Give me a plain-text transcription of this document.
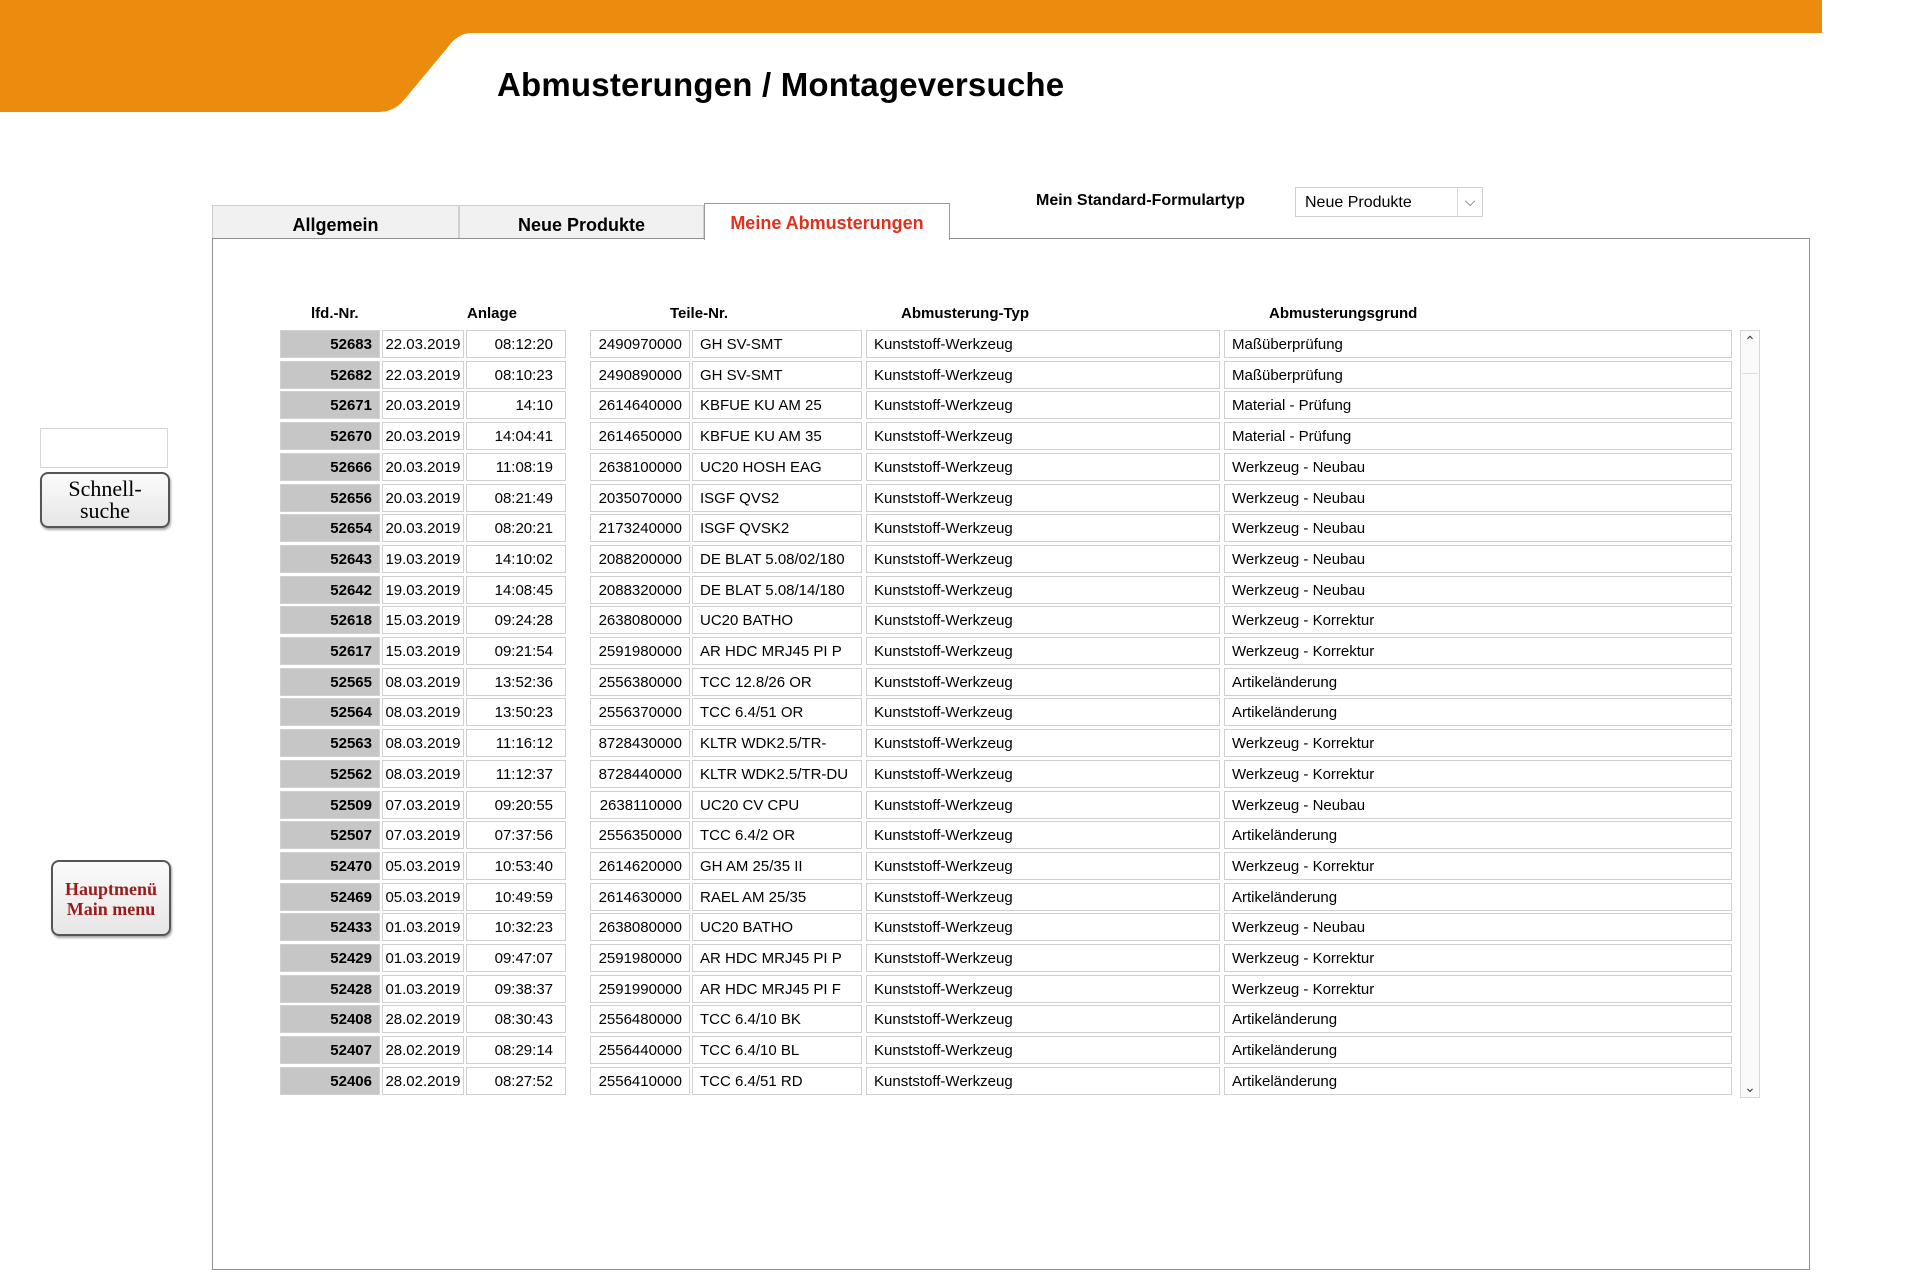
Abmusterungen / Montageversuche
Schnell-
suche
Hauptmenü
Main menu
Mein Standard-Formulartyp	Neue Produkte	⌵
Allgemein	Neue Produkte	Meine Abmusterungen
lfd.-Nr.	Anlage	Teile-Nr.	Abmusterung-Typ	Abmusterungsgrund
52683 22.03.2019	08:12:20	2490970000	GH SV-SMT	Kunststoff-Werkzeug	Maßüberprüfung
52682 22.03.2019	08:10:23	2490890000	GH SV-SMT	Kunststoff-Werkzeug	Maßüberprüfung
52671 20.03.2019	14:10	2614640000	KBFUE KU AM 25	Kunststoff-Werkzeug	Material - Prüfung
52670 20.03.2019	14:04:41	2614650000	KBFUE KU AM 35	Kunststoff-Werkzeug	Material - Prüfung
52666 20.03.2019	11:08:19	2638100000	UC20 HOSH EAG	Kunststoff-Werkzeug	Werkzeug - Neubau
52656 20.03.2019	08:21:49	2035070000	ISGF QVS2	Kunststoff-Werkzeug	Werkzeug - Neubau
52654 20.03.2019	08:20:21	2173240000	ISGF QVSK2	Kunststoff-Werkzeug	Werkzeug - Neubau
52643 19.03.2019	14:10:02	2088200000	DE BLAT 5.08/02/180	Kunststoff-Werkzeug	Werkzeug - Neubau
52642 19.03.2019	14:08:45	2088320000	DE BLAT 5.08/14/180	Kunststoff-Werkzeug	Werkzeug - Neubau
52618 15.03.2019	09:24:28	2638080000	UC20 BATHO	Kunststoff-Werkzeug	Werkzeug - Korrektur
52617 15.03.2019	09:21:54	2591980000	AR HDC MRJ45 PI P	Kunststoff-Werkzeug	Werkzeug - Korrektur
52565 08.03.2019	13:52:36	2556380000	TCC 12.8/26 OR	Kunststoff-Werkzeug	Artikeländerung
52564 08.03.2019	13:50:23	2556370000	TCC 6.4/51 OR	Kunststoff-Werkzeug	Artikeländerung
52563 08.03.2019	11:16:12	8728430000	KLTR WDK2.5/TR-	Kunststoff-Werkzeug	Werkzeug - Korrektur
52562 08.03.2019	11:12:37	8728440000	KLTR WDK2.5/TR-DU	Kunststoff-Werkzeug	Werkzeug - Korrektur
52509 07.03.2019	09:20:55	2638110000	UC20 CV CPU	Kunststoff-Werkzeug	Werkzeug - Neubau
52507 07.03.2019	07:37:56	2556350000	TCC 6.4/2 OR	Kunststoff-Werkzeug	Artikeländerung
52470 05.03.2019	10:53:40	2614620000	GH AM 25/35 II	Kunststoff-Werkzeug	Werkzeug - Korrektur
52469 05.03.2019	10:49:59	2614630000	RAEL AM 25/35	Kunststoff-Werkzeug	Artikeländerung
52433 01.03.2019	10:32:23	2638080000	UC20 BATHO	Kunststoff-Werkzeug	Werkzeug - Neubau
52429 01.03.2019	09:47:07	2591980000	AR HDC MRJ45 PI P	Kunststoff-Werkzeug	Werkzeug - Korrektur
52428 01.03.2019	09:38:37	2591990000	AR HDC MRJ45 PI F	Kunststoff-Werkzeug	Werkzeug - Korrektur
52408 28.02.2019	08:30:43	2556480000	TCC 6.4/10 BK	Kunststoff-Werkzeug	Artikeländerung
52407 28.02.2019	08:29:14	2556440000	TCC 6.4/10 BL	Kunststoff-Werkzeug	Artikeländerung
52406 28.02.2019	08:27:52	2556410000	TCC 6.4/51 RD	Kunststoff-Werkzeug	Artikeländerung
⌃
⌄
